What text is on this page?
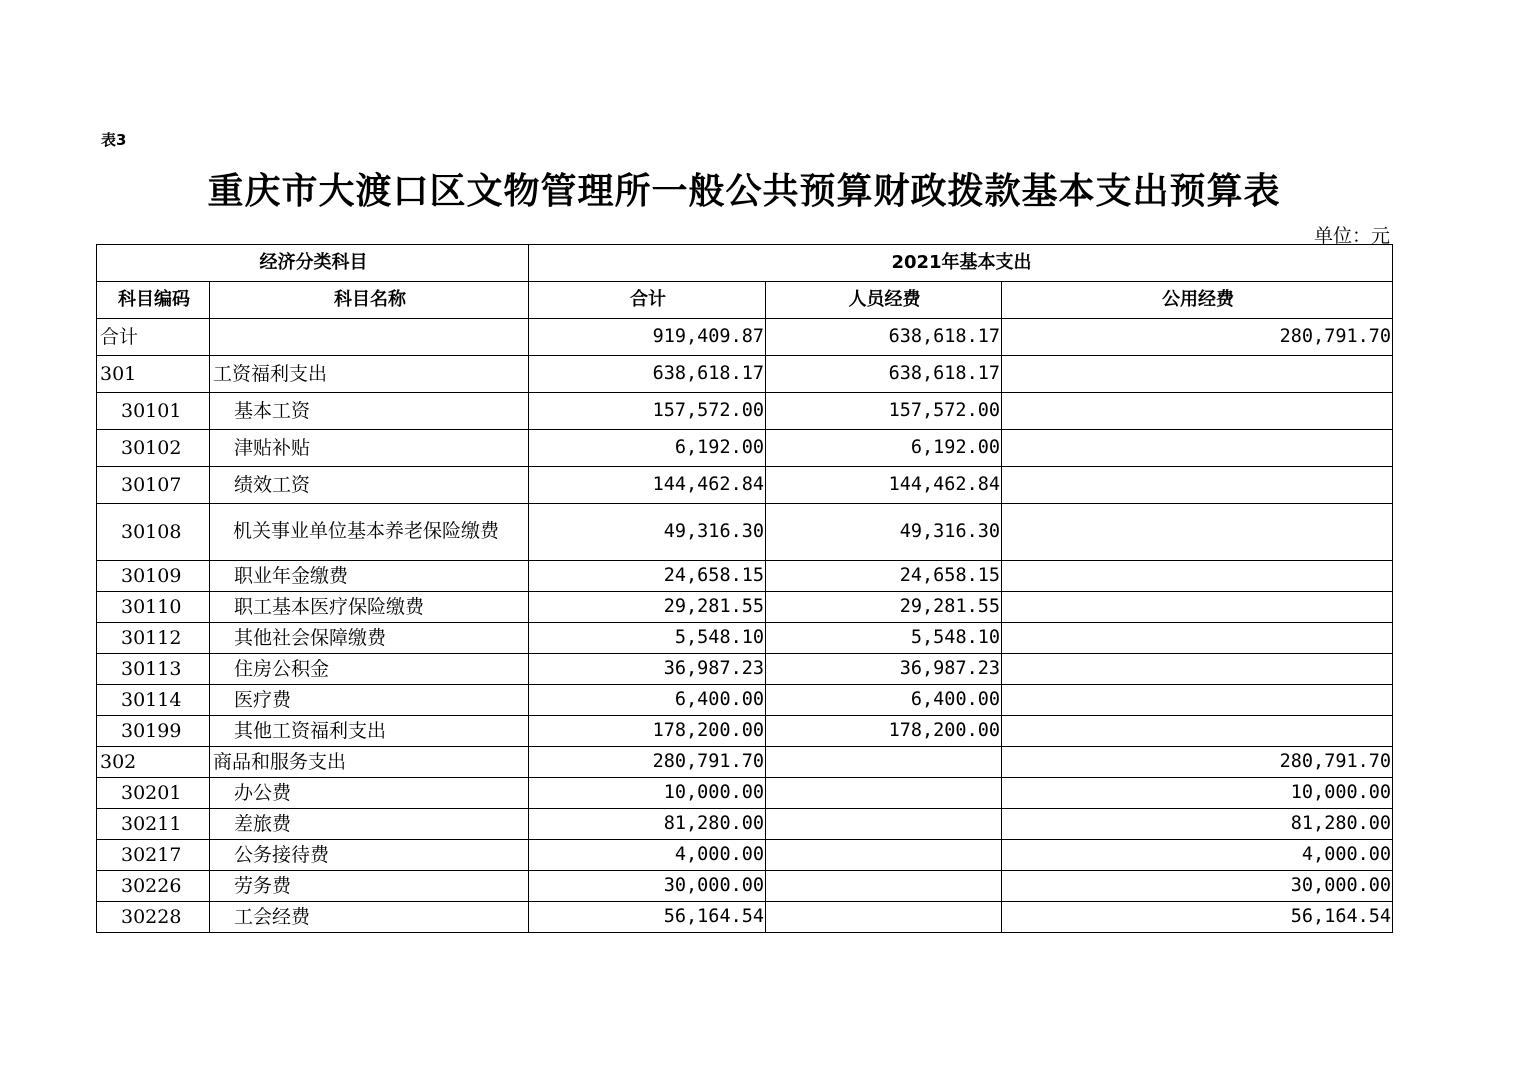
表3
重庆市大渡口区文物管理所一般公共预算财政拨款基本支出预算表
单位：元
经济分类科目		2021年基本支出		
科目编码	科目名称	合计	人员经费	公用经费
合计		919,409.87	638,618.17	280,791.70
301	工资福利支出	638,618.17	638,618.17	
30101	基本工资	157,572.00	157,572.00	
30102	津贴补贴	6,192.00	6,192.00	
30107	绩效工资	144,462.84	144,462.84	
30108	机关事业单位基本养老保险缴费	49,316.30	49,316.30	
30109	职业年金缴费	24,658.15	24,658.15	
30110	职工基本医疗保险缴费	29,281.55	29,281.55	
30112	其他社会保障缴费	5,548.10	5,548.10	
30113	住房公积金	36,987.23	36,987.23	
30114	医疗费	6,400.00	6,400.00	
30199	其他工资福利支出	178,200.00	178,200.00	
302	商品和服务支出	280,791.70		280,791.70
30201	办公费	10,000.00		10,000.00
30211	差旅费	81,280.00		81,280.00
30217	公务接待费	4,000.00		4,000.00
30226	劳务费	30,000.00		30,000.00
30228	工会经费	56,164.54		56,164.54
